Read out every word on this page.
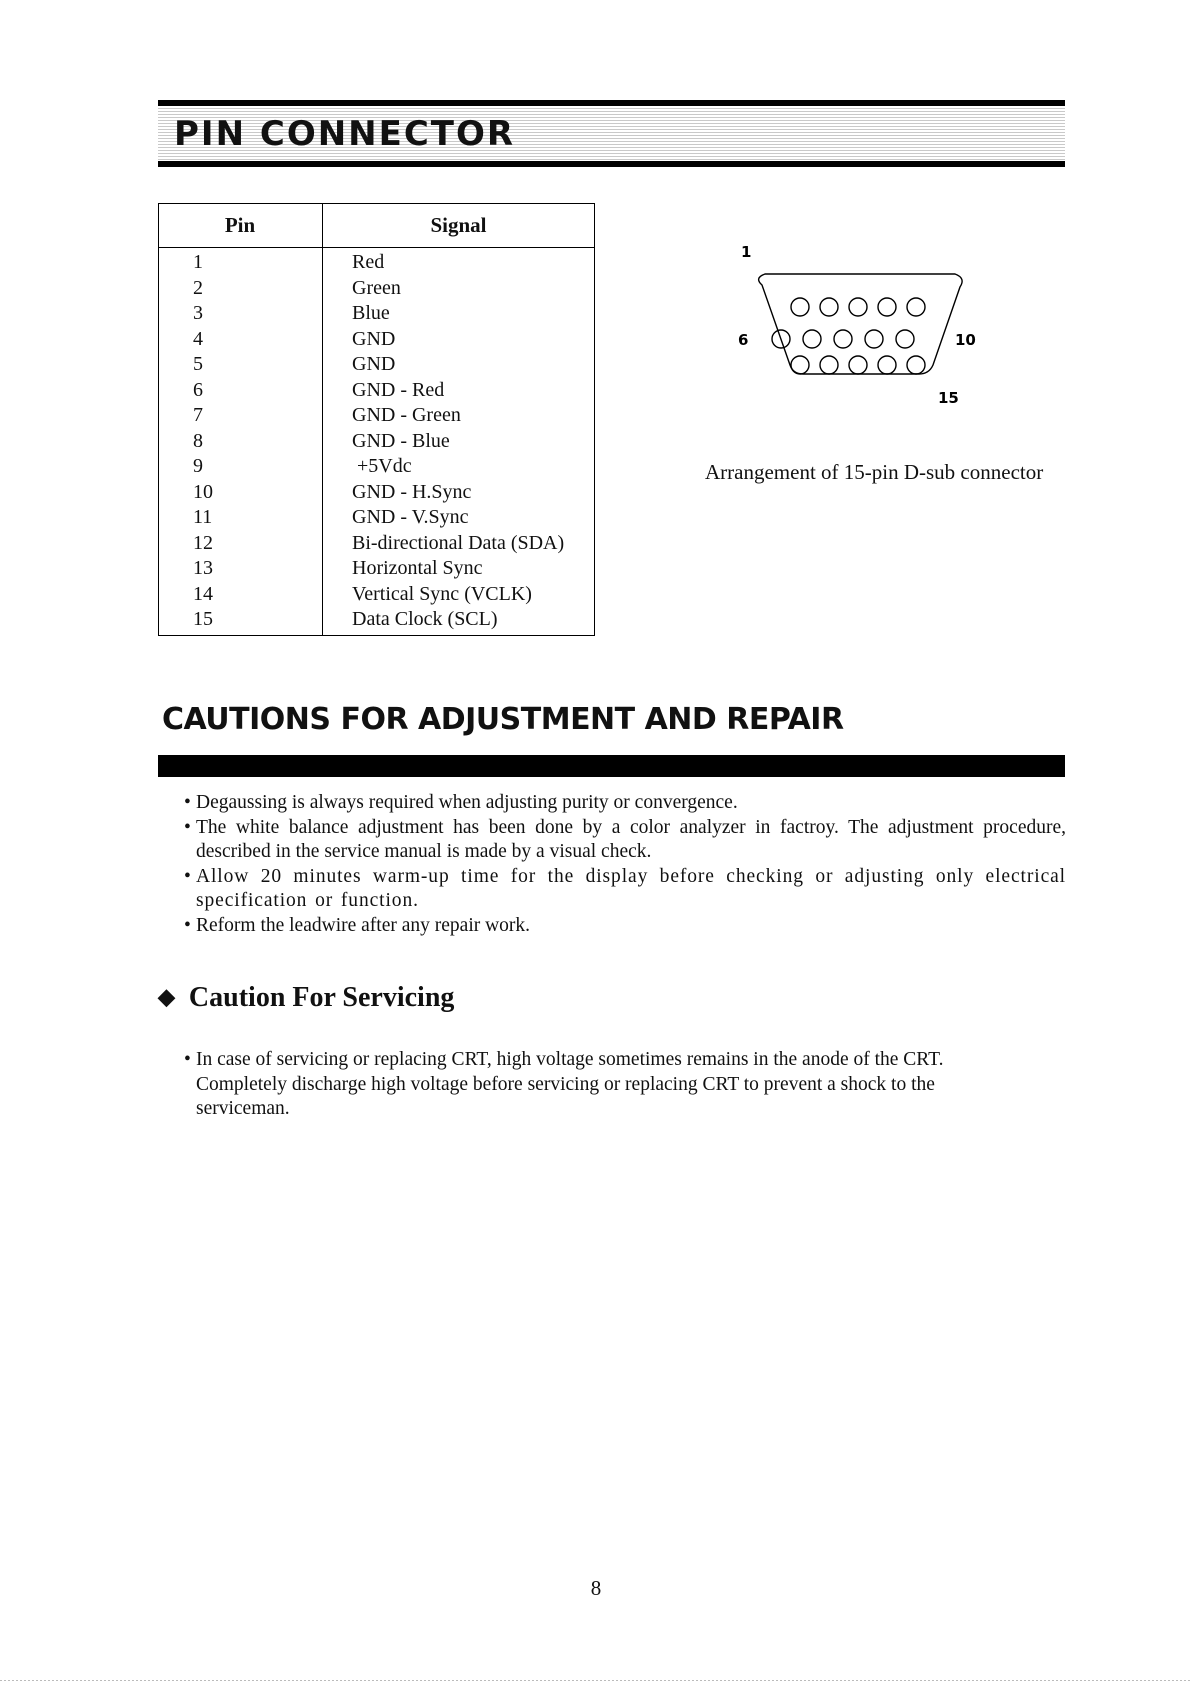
PIN CONNECTOR
Pin	Signal
1	Red
2	Green
3	Blue
4	GND
5	GND
6	GND - Red
7	GND - Green
8	GND - Blue
9	+5Vdc
10	GND - H.Sync
11	GND - V.Sync
12	Bi-directional Data (SDA)
13	Horizontal Sync
14	Vertical Sync (VCLK)
15	Data Clock (SCL)
1
6	10
15
Arrangement of 15-pin D-sub connector
CAUTIONS FOR ADJUSTMENT AND REPAIR
• Degaussing is always required when adjusting purity or convergence.
• The white balance adjustment has been done by a color analyzer in factroy. The adjustment procedure, described in the service manual is made by a visual check.
• Allow 20 minutes warm-up time for the display before checking or adjusting only electrical specification or function.
• Reform the leadwire after any repair work.
◆ Caution For Servicing
• In case of servicing or replacing CRT, high voltage sometimes remains in the anode of the CRT. Completely discharge high voltage before servicing or replacing CRT to prevent a shock to the serviceman.
8
